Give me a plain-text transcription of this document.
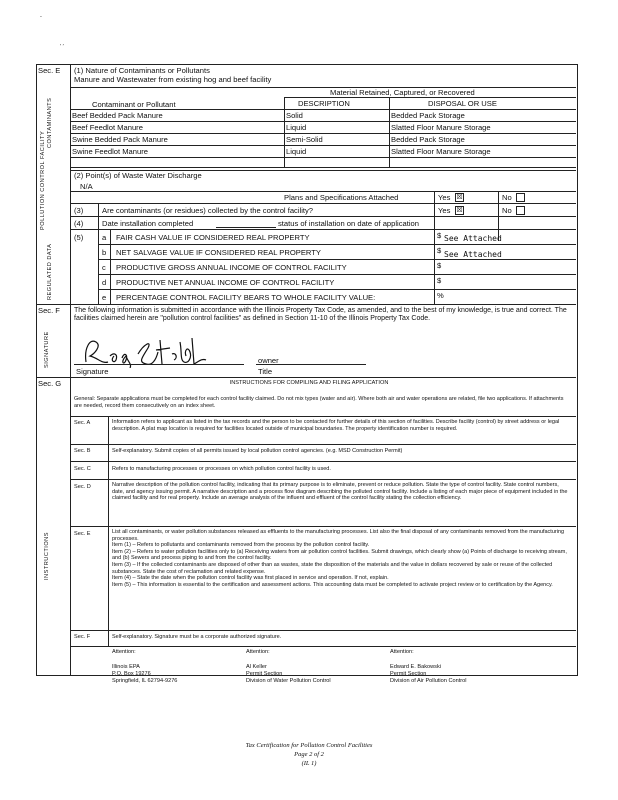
-
′ ′
Sec. E
POLLUTION CONTROL FACILITY
CONTAMINANTS
REGULATED DATA
(1) Nature of Contaminants or Pollutants
Manure and Wastewater from existing hog and beef facility
Material Retained, Captured, or Recovered
Contaminant or Pollutant	DESCRIPTION	DISPOSAL OR USE
Beef Bedded Pack Manure	Solid	Bedded Pack Storage
Beef Feedlot Manure	Liquid	Slatted Floor Manure Storage
Swine Bedded Pack Manure	Semi-Solid	Bedded Pack Storage
Swine Feedlot Manure	Liquid	Slatted Floor Manure Storage
(2) Point(s) of Waste Water Discharge
N/A
Plans and Specifications Attached	Yes ☒	No
(3) Are contaminants (or residues) collected by the control facility?	Yes ☒	No
(4) Date installation completed	status of installation on date of application
(5) a FAIR CASH VALUE IF CONSIDERED REAL PROPERTY	$ See Attached
b NET SALVAGE VALUE IF CONSIDERED REAL PROPERTY	$ See Attached
c PRODUCTIVE GROSS ANNUAL INCOME OF CONTROL FACILITY	$
d PRODUCTIVE NET ANNUAL INCOME OF CONTROL FACILITY	$
e PERCENTAGE CONTROL FACILITY BEARS TO WHOLE FACILITY VALUE:	%
Sec. F
SIGNATURE
The following information is submitted in accordance with the Illinois Property Tax Code, as amended, and to the best of my knowledge, is true and correct. The facilities claimed herein are "pollution control facilities" as defined in Section 11-10 of the Illinois Property Tax Code.
owner
Signature	Title
Sec. G
INSTRUCTIONS
INSTRUCTIONS FOR COMPILING AND FILING APPLICATION
General: Separate applications must be completed for each control facility claimed. Do not mix types (water and air). Where both air and water operations are related, file two applications. If attachments are needed, record them consecutively on an index sheet.
Sec. A	Information refers to applicant as listed in the tax records and the person to be contacted for further details of this section of facilities. Describe facility (control) by street address or legal description. A plat map location is required for facilities located outside of municipal boundaries. The property identification number is required.
Sec. B	Self-explanatory. Submit copies of all permits issued by local pollution control agencies. (e.g. MSD Construction Permit)
Sec. C	Refers to manufacturing processes or processes on which pollution control facility is used.
Sec. D	Narrative description of the pollution control facility, indicating that its primary purpose is to eliminate, prevent or reduce pollution. State the type of control facility. State control numbers, date, and agency issuing permit. A narrative description and a process flow diagram describing the polluted control facility. Include a listing of each major piece of equipment included in the claimed facility and for real property. Include an average analysis of the influent and effluent of the control facility stating the collection efficiency.
Sec. E	List all contaminants, or water pollution substances released as effluents to the manufacturing processes. List also the final disposal of any contaminants removed from the manufacturing processes.
Item (1) – Refers to pollutants and contaminants removed from the process by the pollution control facility.
Item (2) – Refers to water pollution facilities only to (a) Receiving waters from air pollution control facilities. Submit drawings, which clearly show (a) Points of discharge to receiving stream, and (b) Sewers and process piping to and from the control facility.
Item (3) – If the collected contaminants are disposed of other than as wastes, state the disposition of the materials and the value in dollars recovered by sale or reuse of the collected substances. State the cost of reclamation and related expense.
Item (4) – State the date when the pollution control facility was first placed in service and operation. If not, explain.
Item (5) – This information is essential to the certification and assessment actions. This accounting data must be completed to activate project review or to certification by the Agency.
Sec. F	Self-explanatory. Signature must be a corporate authorized signature.
Attention:
Illinois EPA
P.O. Box 19276
Springfield, IL 62794-9276
Attention:
Al Keller
Permit Section
Division of Water Pollution Control
Attention:
Edward E. Bakowski
Permit Section
Division of Air Pollution Control
Tax Certification for Pollution Control Facilities
Page 2 of 2
(IL 1)
